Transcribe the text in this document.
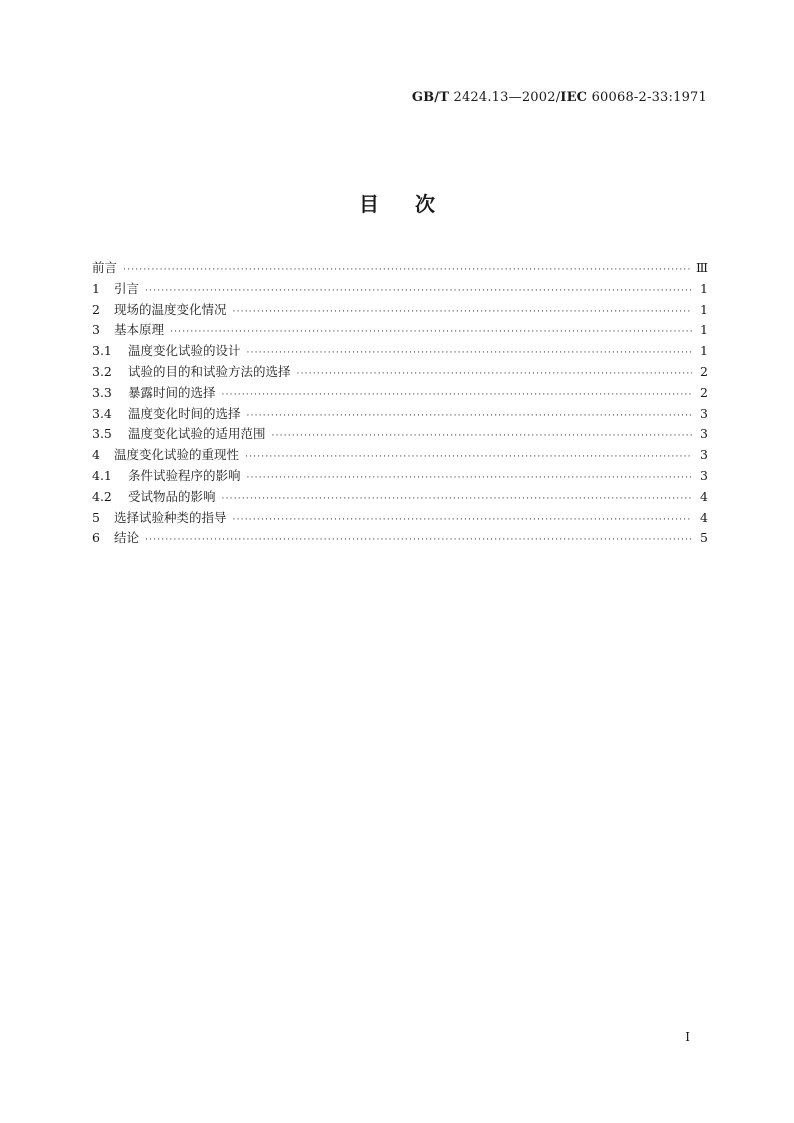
GB/T 2424.13—2002/IEC 60068-2-33:1971
目次
前言 ·····	Ⅲ
1	引言 ·····	1
2	现场的温度变化情况 ·····	1
3	基本原理 ·····	1
3.1	温度变化试验的设计 ·····	1
3.2	试验的目的和试验方法的选择 ·····	2
3.3	暴露时间的选择 ·····	2
3.4	温度变化时间的选择 ·····	3
3.5	温度变化试验的适用范围 ·····	3
4	温度变化试验的重现性 ·····	3
4.1	条件试验程序的影响 ·····	3
4.2	受试物品的影响 ·····	4
5	选择试验种类的指导 ·····	4
6	结论 ·····	5
I
